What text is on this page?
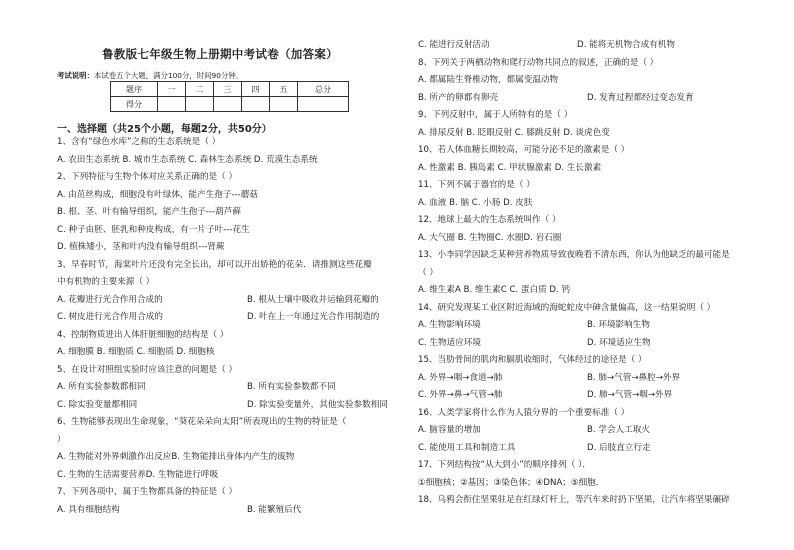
鲁教版七年级生物上册期中考试卷（加答案）
考试说明：本试卷五个大题，满分100分，时间90分钟．
题序	一	二	三	四	五	总分
得分						
一、选择题（共25个小题，每题2分，共50分）
1、含有“绿色水库”之称的生态系统是（ ）
A. 农田生态系统 B. 城市生态系统 C. 森林生态系统 D. 荒漠生态系统
2、下列特征与生物个体对应关系正确的是（ ）
A. 由茁丝构成，细胞没有叶绿体，能产生孢子---蘑菇
B. 根、茎、叶有输导组织，能产生孢子---葫芦藓
C. 种子由胚、胚乳和种皮构成，有一片子叶---花生
D. 植株矮小，茎和叶内没有输导组织---肾蕨
3、早春时节，海棠叶片还没有完全长出，却可以开出娇艳的花朵．请推测这些花瓣
中有机物的主要来源（ ）
A. 花瓣进行光合作用合成的	B. 根从土壤中吸收并运输到花瓣的
C. 树皮进行光合作用合成的	D. 叶在上一年通过光合作用制造的
4、控制物质进出人体肝脏细胞的结构是（ ）
A. 细胞膜 B. 细胞质 C. 细胞质 D. 细胞核
5、在设计对照组实验时应该注意的问题是（ ）
A. 所有实验参数都相同	B. 所有实验参数都不同
C. 除实验变量都相同	D. 除实验变量外，其他实验参数相同
6、生物能够表现出生命现象，“葵花朵朵向太阳”所表现出的生物的特征是（
）
A. 生物能对外界刺激作出反应B. 生物能排出身体内产生的废物
C. 生物的生活需要营养D. 生物能进行呼吸
7、下列各项中，属于生物都具备的特征是（ ）
A. 具有细胞结构	B. 能繁殖后代
C. 能进行反射活动	D. 能将无机物合成有机物
8、下列关于两栖动物和爬行动物共同点的叙述，正确的是（ ）
A. 都属陆生脊椎动物，都属变温动物
B. 所产的卵都有卵壳	D. 发育过程都经过变态发育
9、下列反射中，属于人所特有的是（ ）
A. 排尿反射 B. 眨眼反射 C. 膝跳反射 D. 谈虎色变
10、若人体血糖长期较高，可能分泌不足的激素是（ ）
A. 性激素 B. 胰岛素 C. 甲状腺激素 D. 生长激素
11、下列不属于器官的是（ ）
A. 血液 B. 脑 C. 小肠 D. 皮肤
12、地球上最大的生态系统叫作（ ）
A. 大气圈 B. 生物圈C. 水圈D. 岩石圈
13、小李同学因缺乏某种营养物质导致夜晚看不清东西，你认为他缺乏的最可能是
（ ）
A. 维生素A B. 维生素C C. 蛋白质 D. 钙
14、研究发现某工业区附近海域的海蛇蛇皮中砷含量偏高，这一结果说明（ ）
A. 生物影响环境	B. 环境影响生物
C. 生物适应环境	D. 环境适应生物
15、当肋骨间的肌肉和膈肌收缩时，气体经过的途径是（ ）
A. 外界→咽→食道→肺	B. 肺→气管→鼻腔→外界
C. 外界→鼻→气管→肺	D. 肺→气管→咽→外界
16、人类学家将什么作为人猿分界的一个重要标准（ ）
A. 脑容量的增加	B. 学会人工取火
C. 能使用工具和制造工具	D. 后肢直立行走
17、下列结构按“从大到小”的顺序排列（ ）．
①细胞核；②基因；③染色体；④DNA；⑤细胞．
18、乌鸦会衔住坚果驻足在红绿灯杆上，等汽车来时扔下坚果，让汽车将坚果碾碎
